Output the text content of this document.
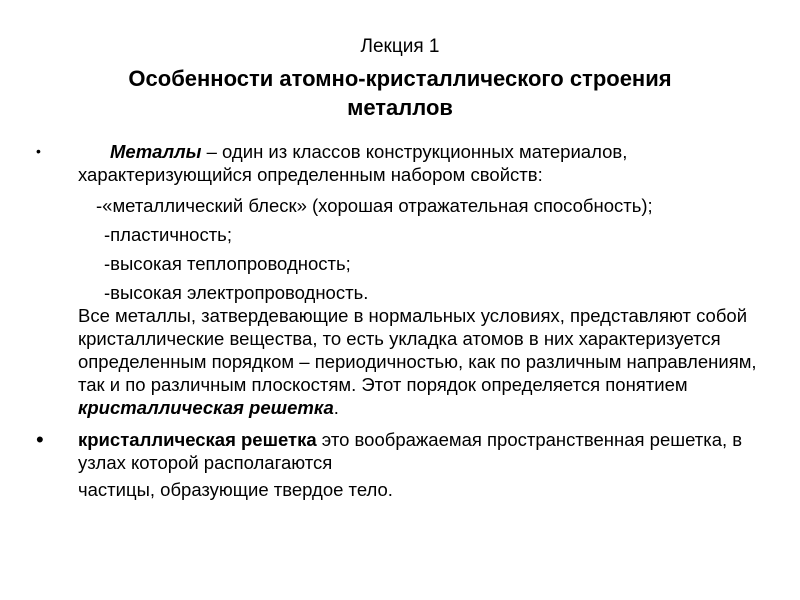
Лекция 1

Особенности атомно-кристаллического строения
металлов

•	Металлы – один из классов конструкционных материалов, характеризующийся определенным набором свойств:

-«металлический блеск» (хорошая отражательная способность);

-пластичность;

-высокая теплопроводность;

-высокая электропроводность.

Все металлы, затвердевающие в нормальных условиях, представляют собой кристаллические вещества, то есть укладка атомов в них характеризуется определенным порядком – периодичностью, как по различным направлениям, так и по различным плоскостям. Этот порядок определяется понятием кристаллическая решетка.

•	кристаллическая решетка это воображаемая пространственная решетка, в узлах которой располагаются

частицы, образующие твердое тело.
